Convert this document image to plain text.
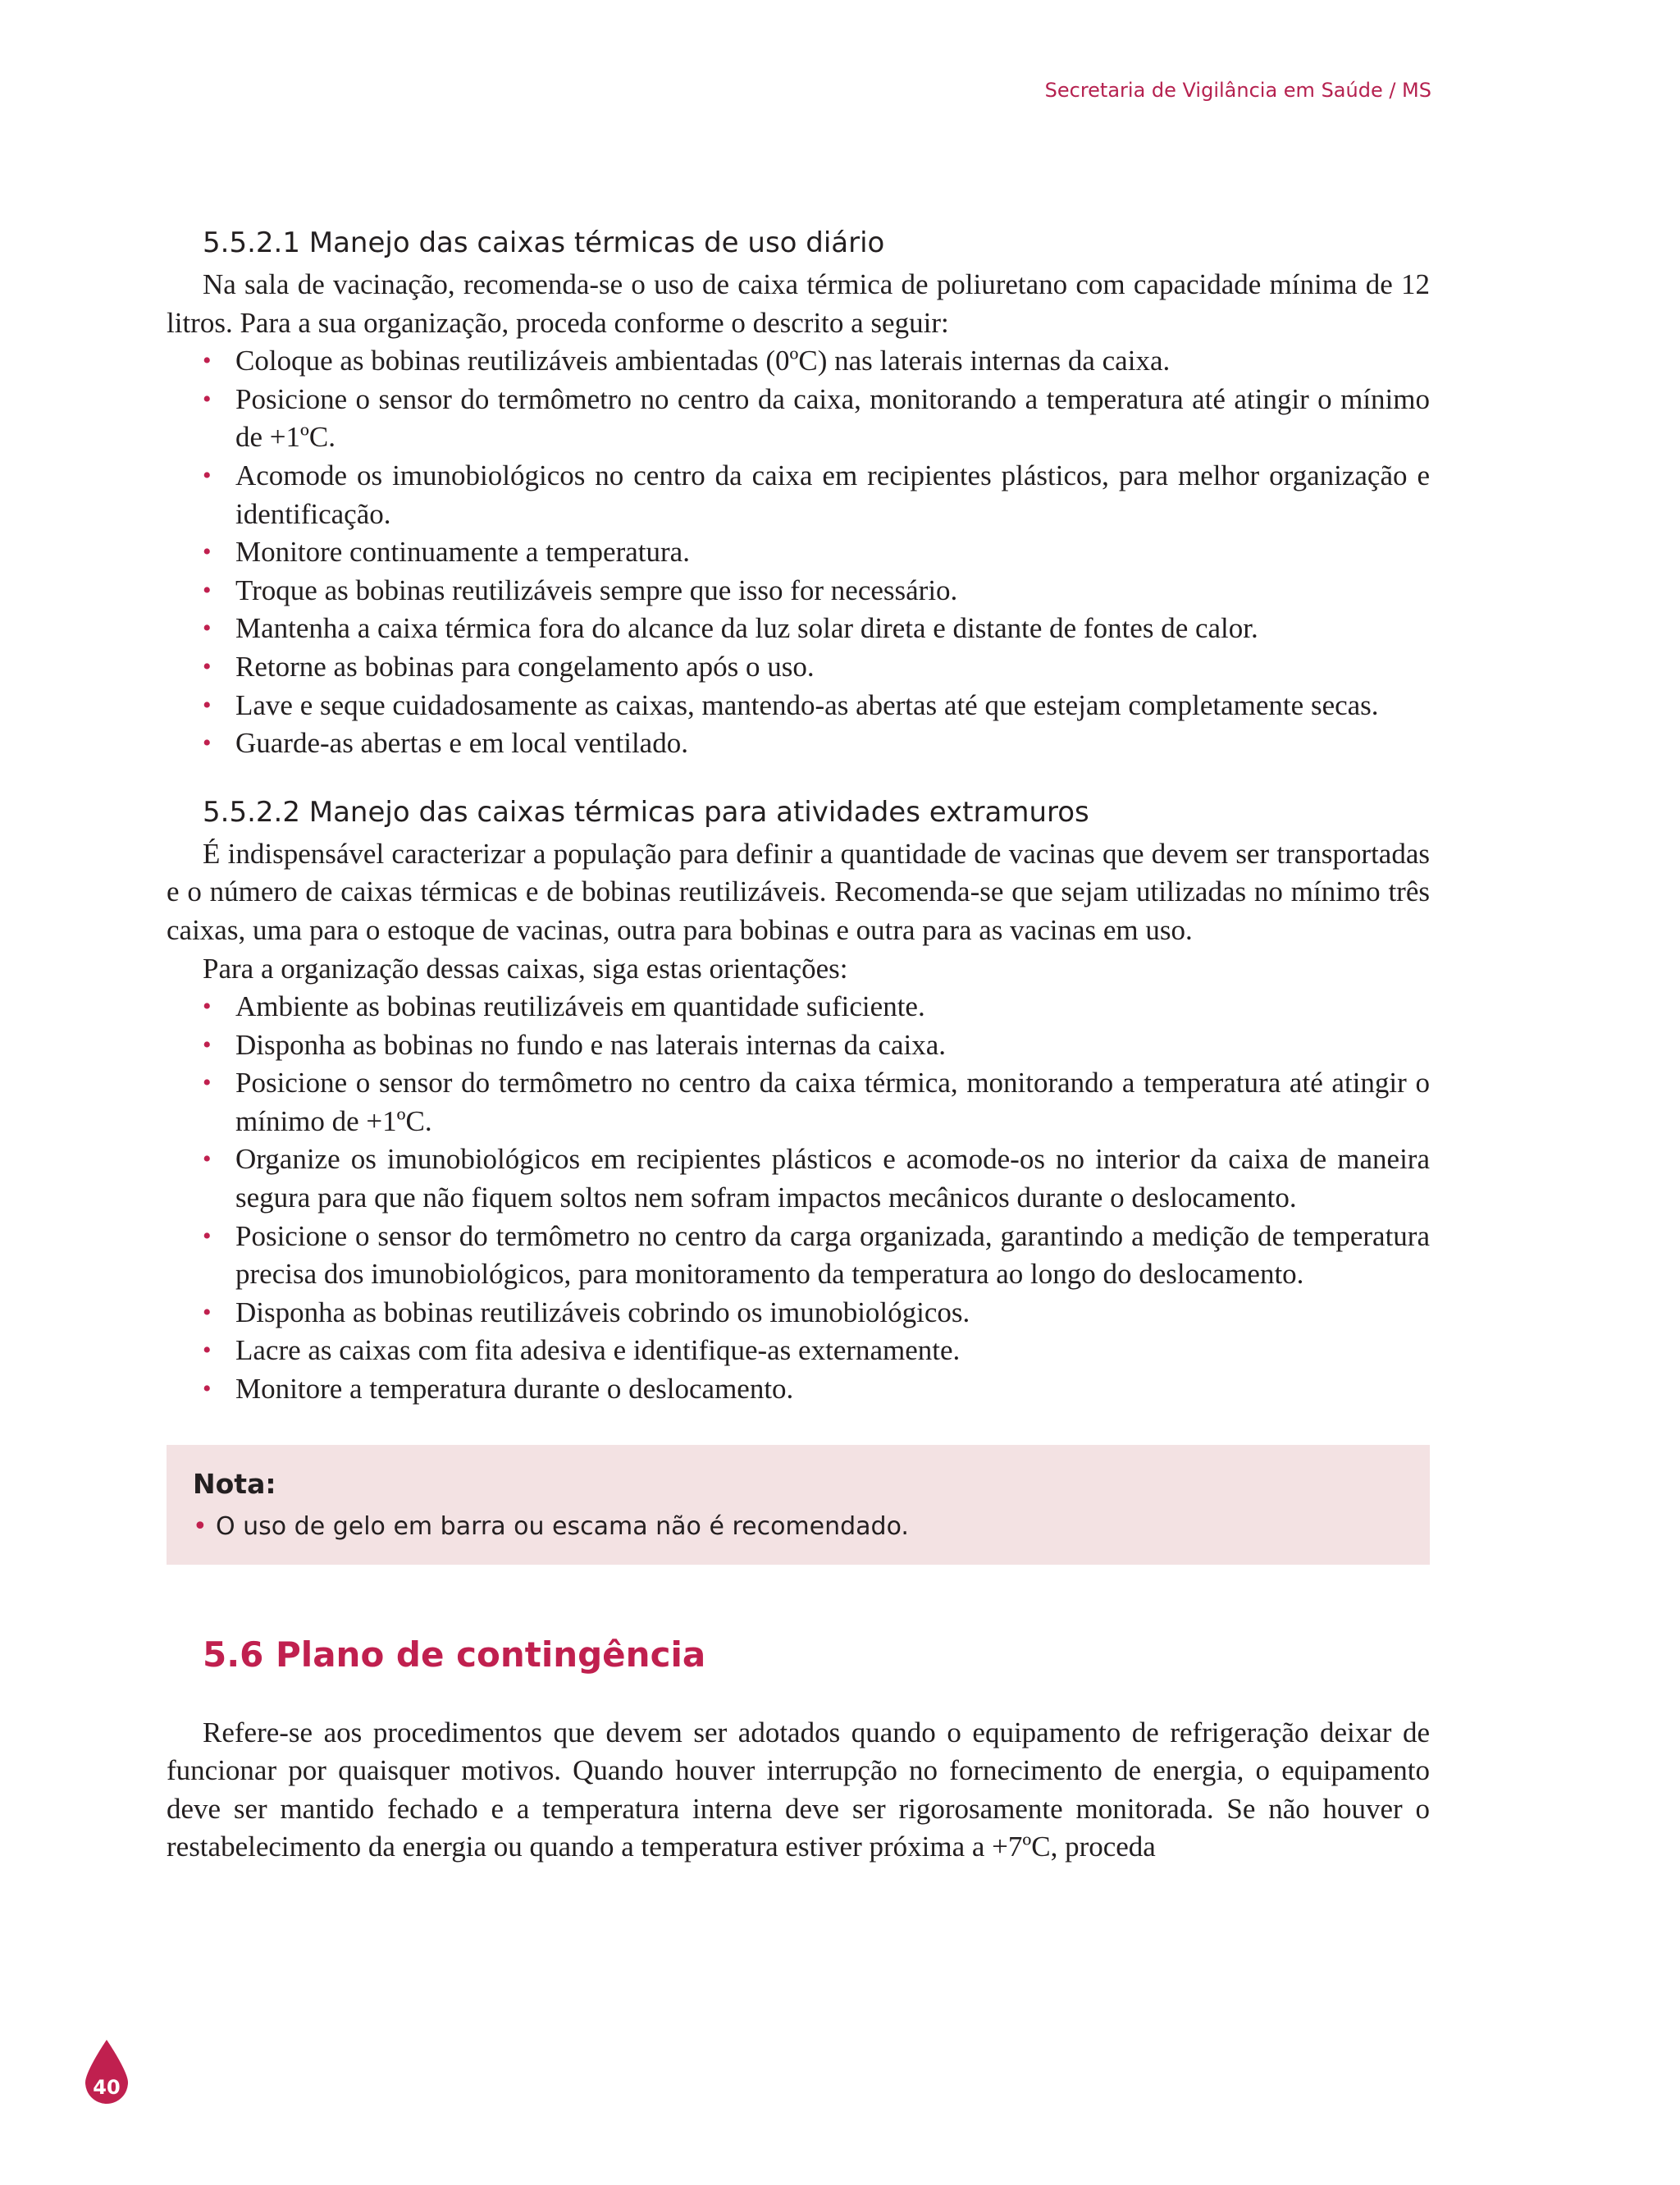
Secretaria de Vigilância em Saúde / MS
5.5.2.1 Manejo das caixas térmicas de uso diário

Na sala de vacinação, recomenda-se o uso de caixa térmica de poliuretano com capacidade mínima de 12 litros. Para a sua organização, proceda conforme o descrito a seguir:

• Coloque as bobinas reutilizáveis ambientadas (0ºC) nas laterais internas da caixa.
• Posicione o sensor do termômetro no centro da caixa, monitorando a temperatura até atingir o mínimo de +1ºC.
• Acomode os imunobiológicos no centro da caixa em recipientes plásticos, para melhor organização e identificação.
• Monitore continuamente a temperatura.
• Troque as bobinas reutilizáveis sempre que isso for necessário.
• Mantenha a caixa térmica fora do alcance da luz solar direta e distante de fontes de calor.
• Retorne as bobinas para congelamento após o uso.
• Lave e seque cuidadosamente as caixas, mantendo-as abertas até que estejam completamente secas.
• Guarde-as abertas e em local ventilado.
5.5.2.2 Manejo das caixas térmicas para atividades extramuros

É indispensável caracterizar a população para definir a quantidade de vacinas que devem ser transportadas e o número de caixas térmicas e de bobinas reutilizáveis. Recomenda-se que sejam utilizadas no mínimo três caixas, uma para o estoque de vacinas, outra para bobinas e outra para as vacinas em uso.

Para a organização dessas caixas, siga estas orientações:

• Ambiente as bobinas reutilizáveis em quantidade suficiente.
• Disponha as bobinas no fundo e nas laterais internas da caixa.
• Posicione o sensor do termômetro no centro da caixa térmica, monitorando a temperatura até atingir o mínimo de +1ºC.
• Organize os imunobiológicos em recipientes plásticos e acomode-os no interior da caixa de maneira segura para que não fiquem soltos nem sofram impactos mecânicos durante o deslocamento.
• Posicione o sensor do termômetro no centro da carga organizada, garantindo a medição de temperatura precisa dos imunobiológicos, para monitoramento da temperatura ao longo do deslocamento.
• Disponha as bobinas reutilizáveis cobrindo os imunobiológicos.
• Lacre as caixas com fita adesiva e identifique-as externamente.
• Monitore a temperatura durante o deslocamento.
Nota:
• O uso de gelo em barra ou escama não é recomendado.
5.6 Plano de contingência

Refere-se aos procedimentos que devem ser adotados quando o equipamento de refrigeração deixar de funcionar por quaisquer motivos. Quando houver interrupção no fornecimento de energia, o equipamento deve ser mantido fechado e a temperatura interna deve ser rigorosamente monitorada. Se não houver o restabelecimento da energia ou quando a temperatura estiver próxima a +7ºC, proceda

40
